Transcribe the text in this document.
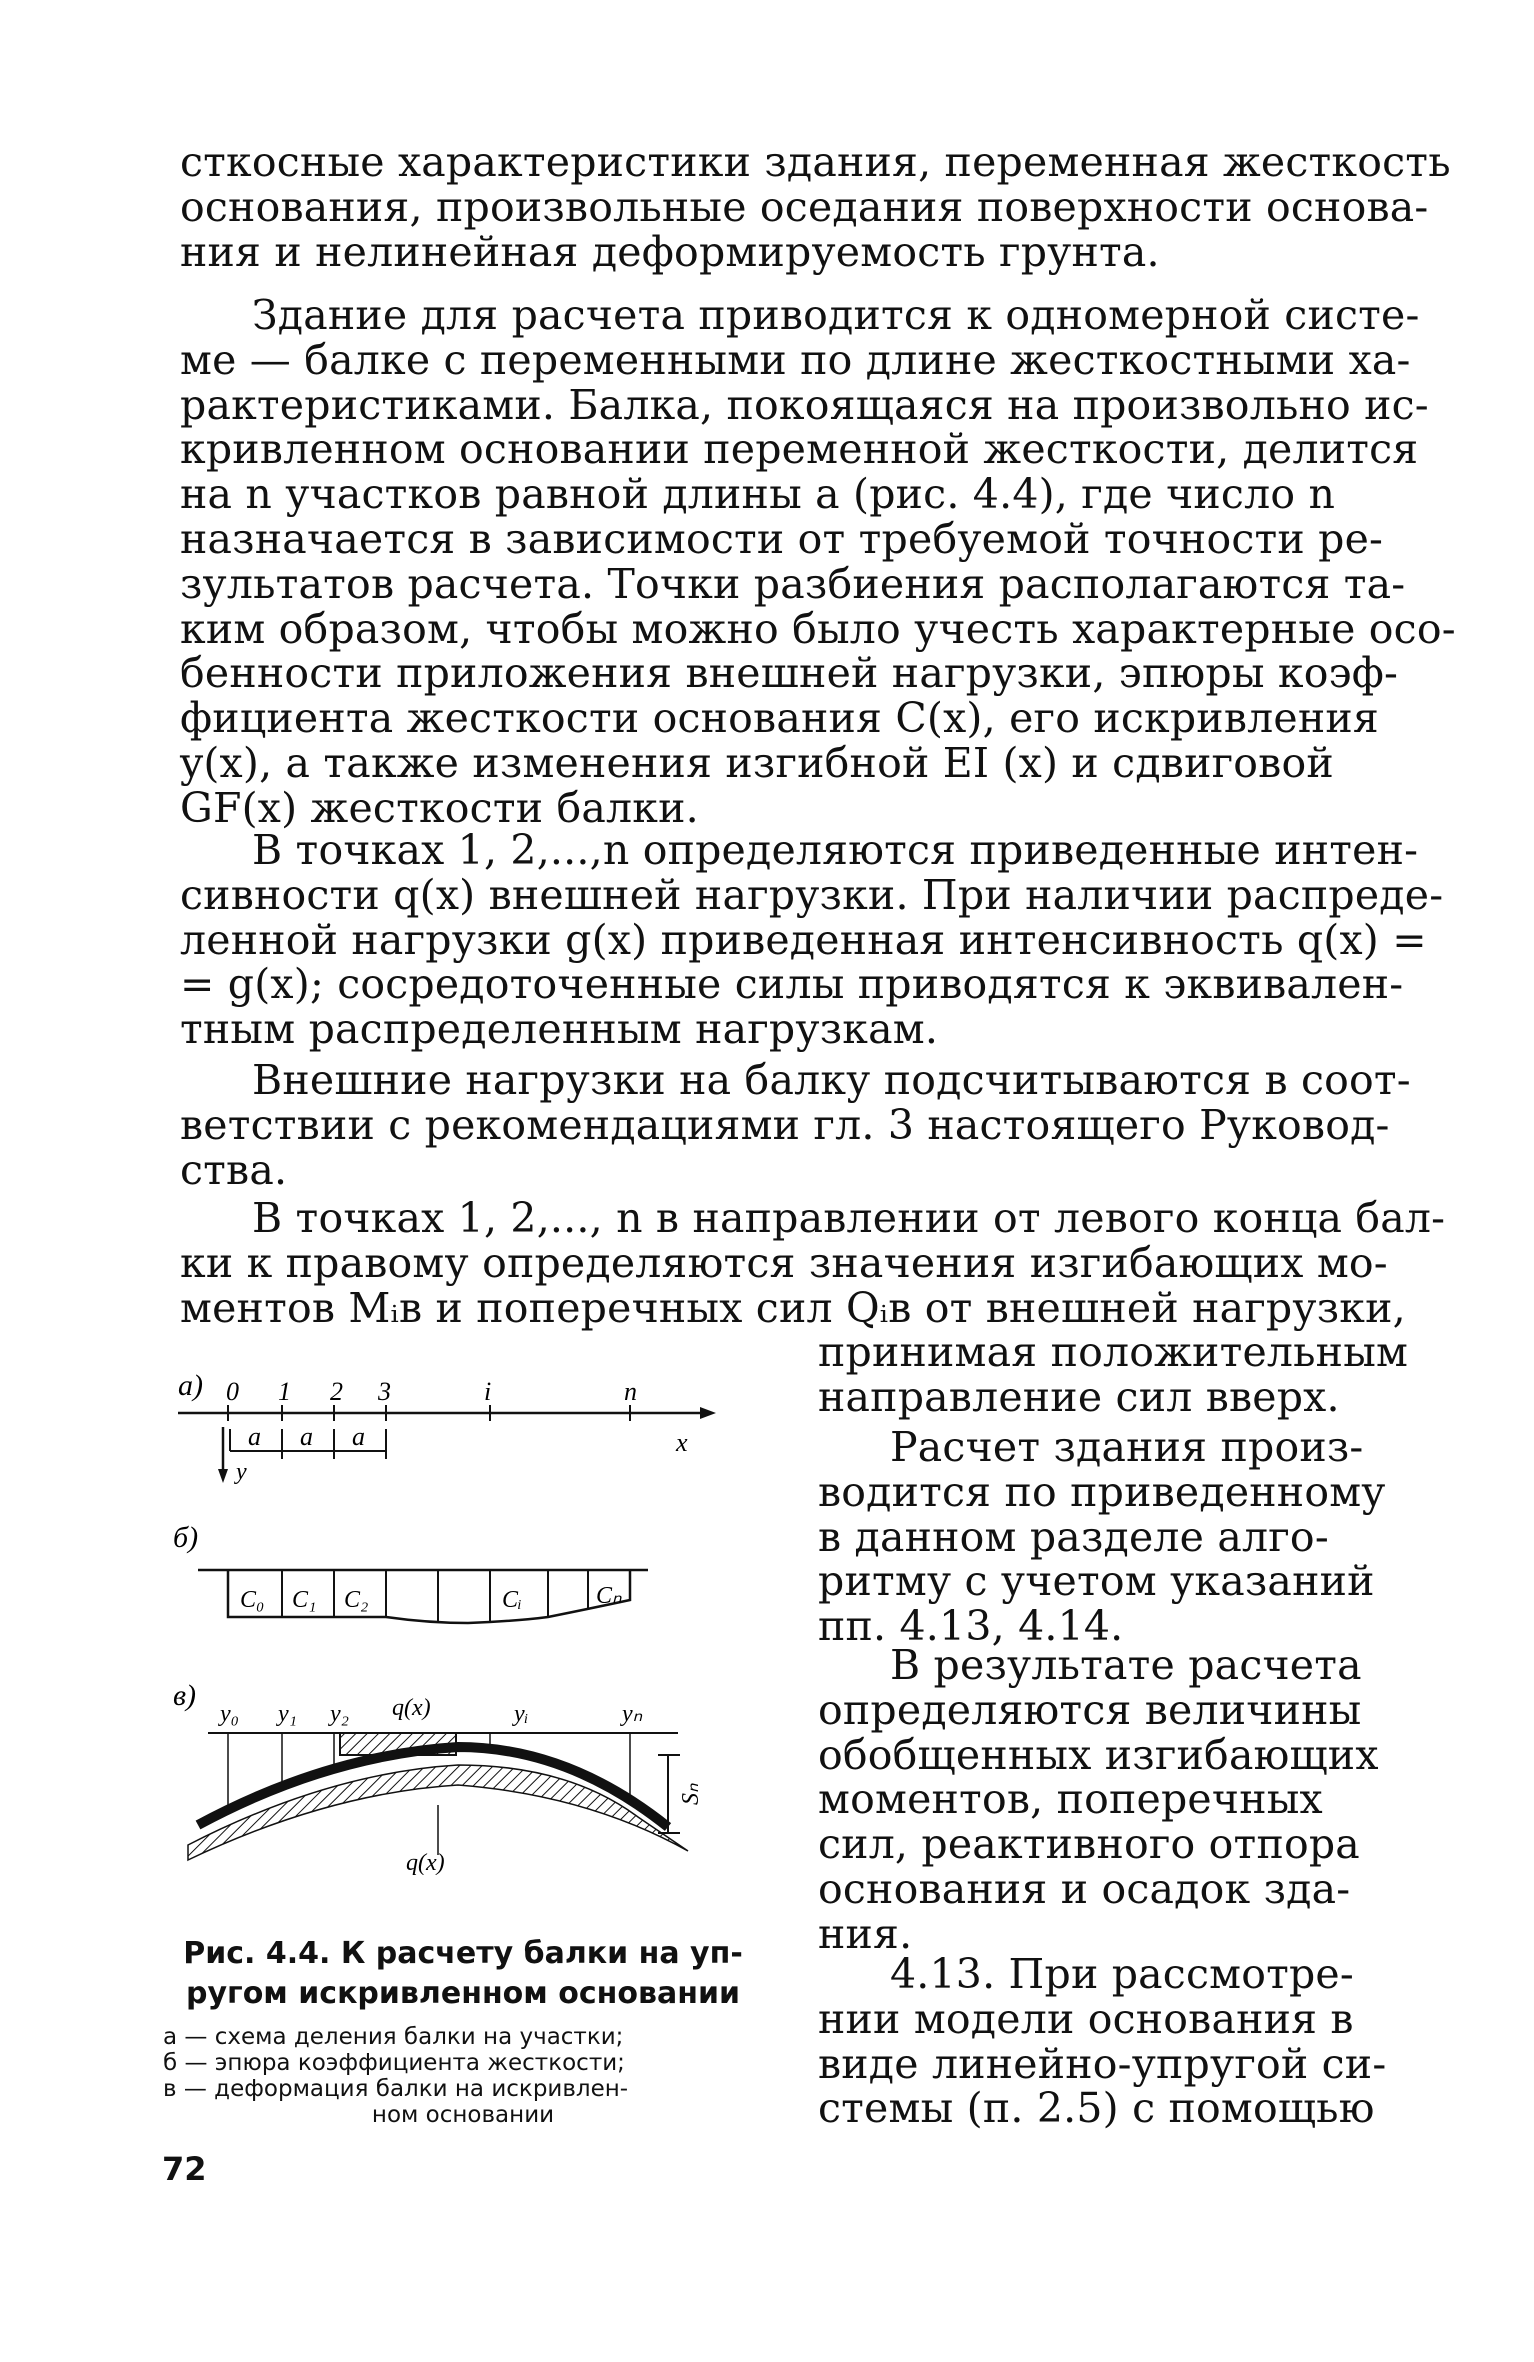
сткосные характеристики здания, переменная жесткость
основания, произвольные оседания поверхности основа-
ния и нелинейная деформируемость грунта.
Здание для расчета приводится к одномерной систе-
ме — балке с переменными по длине жесткостными ха-
рактеристиками. Балка, покоящаяся на произвольно ис-
кривленном основании переменной жесткости, делится
на n участков равной длины a (рис. 4.4), где число n
назначается в зависимости от требуемой точности ре-
зультатов расчета. Точки разбиения располагаются та-
ким образом, чтобы можно было учесть характерные осо-
бенности приложения внешней нагрузки, эпюры коэф-
фициента жесткости основания C(x), его искривления
y(x), а также изменения изгибной EI (x) и сдвиговой
GF(x) жесткости балки.
В точках 1, 2,...,n определяются приведенные интен-
сивности q(x) внешней нагрузки. При наличии распреде-
ленной нагрузки g(x) приведенная интенсивность q(x) =
= g(x); сосредоточенные силы приводятся к эквивален-
тным распределенным нагрузкам.
Внешние нагрузки на балку подсчитываются в соот-
ветствии с рекомендациями гл. 3 настоящего Руковод-
ства.
В точках 1, 2,..., n в направлении от левого конца бал-
ки к правому определяются значения изгибающих мо-
ментов Mᵢв и поперечных сил Qᵢв от внешней нагрузки,
принимая положительным
направление сил вверх.
Расчет здания произ-
водится по приведенному
в данном разделе алго-
ритму с учетом указаний
пп. 4.13, 4.14.
В результате расчета
определяются величины
обобщенных изгибающих
моментов, поперечных
сил, реактивного отпора
основания и осадок зда-
ния.
4.13. При рассмотре-
нии модели основания в
виде линейно-упругой си-
стемы (п. 2.5) с помощью
а) 0 1 2 3	i	n
x
a a a
y
б)
C₀ C₁ C₂	Cᵢ	Cₙ
в)
y₀ y₁ y₂ q(x)	yᵢ	yₙ
Sₙ
q(x)
Рис. 4.4. К расчету балки на уп-
ругом искривленном основании
а — схема деления балки на участки;
б — эпюра коэффициента жесткости;
в — деформация балки на искривлен-
ном основании
72
